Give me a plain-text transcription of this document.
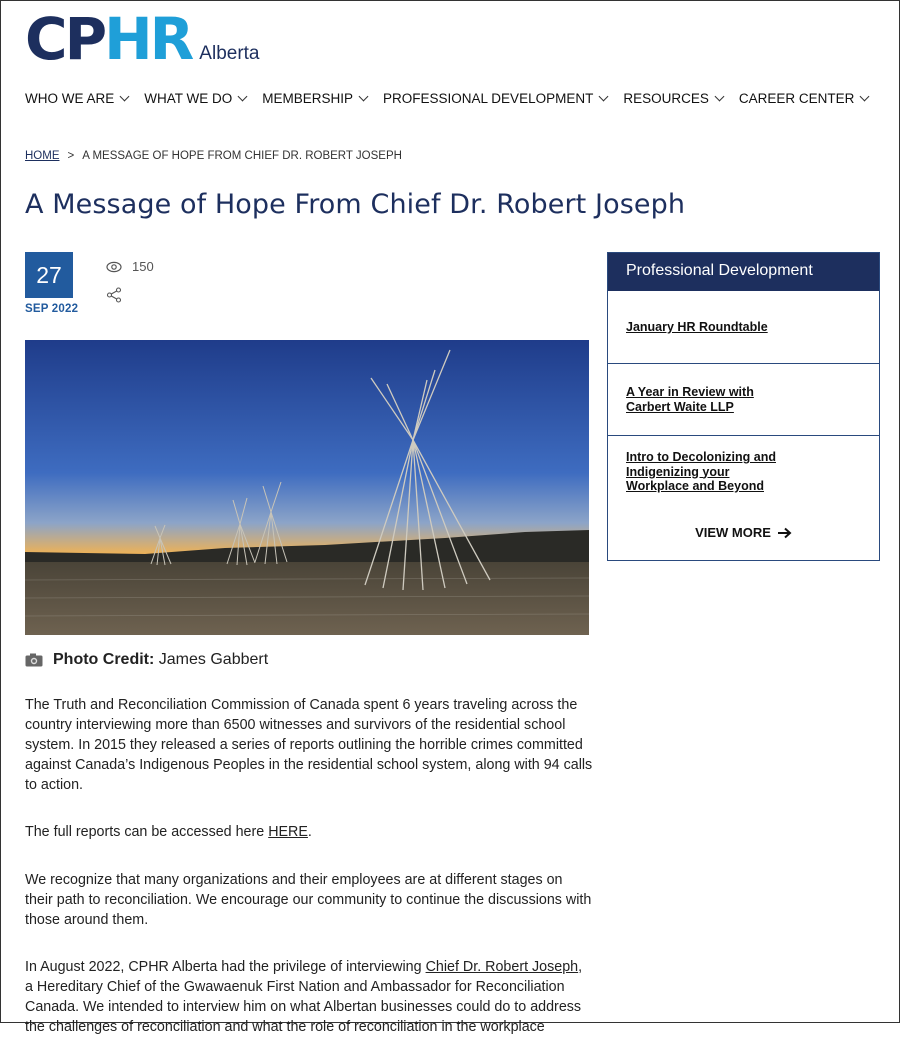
C P HR Alberta
WHO WE ARE WHAT WE DO MEMBERSHIP PROFESSIONAL DEVELOPMENT RESOURCES CAREER CENTER
HOME > A MESSAGE OF HOPE FROM CHIEF DR. ROBERT JOSEPH
A Message of Hope From Chief Dr. Robert Joseph
27
SEP 2022
150
Photo Credit: James Gabbert

The Truth and Reconciliation Commission of Canada spent 6 years traveling across the country interviewing more than 6500 witnesses and survivors of the residential school system. In 2015 they released a series of reports outlining the horrible crimes committed against Canada’s Indigenous Peoples in the residential school system, along with 94 calls to action.

The full reports can be accessed here HERE.

We recognize that many organizations and their employees are at different stages on their path to reconciliation. We encourage our community to continue the discussions with those around them.

In August 2022, CPHR Alberta had the privilege of interviewing Chief Dr. Robert Joseph, a Hereditary Chief of the Gwawaenuk First Nation and Ambassador for Reconciliation Canada. We intended to interview him on what Albertan businesses could do to address the challenges of reconciliation and what the role of reconciliation in the workplace

Professional Development
January HR Roundtable
A Year in Review with
Carbert Waite LLP
Intro to Decolonizing and
Indigenizing your
Workplace and Beyond
VIEW MORE
